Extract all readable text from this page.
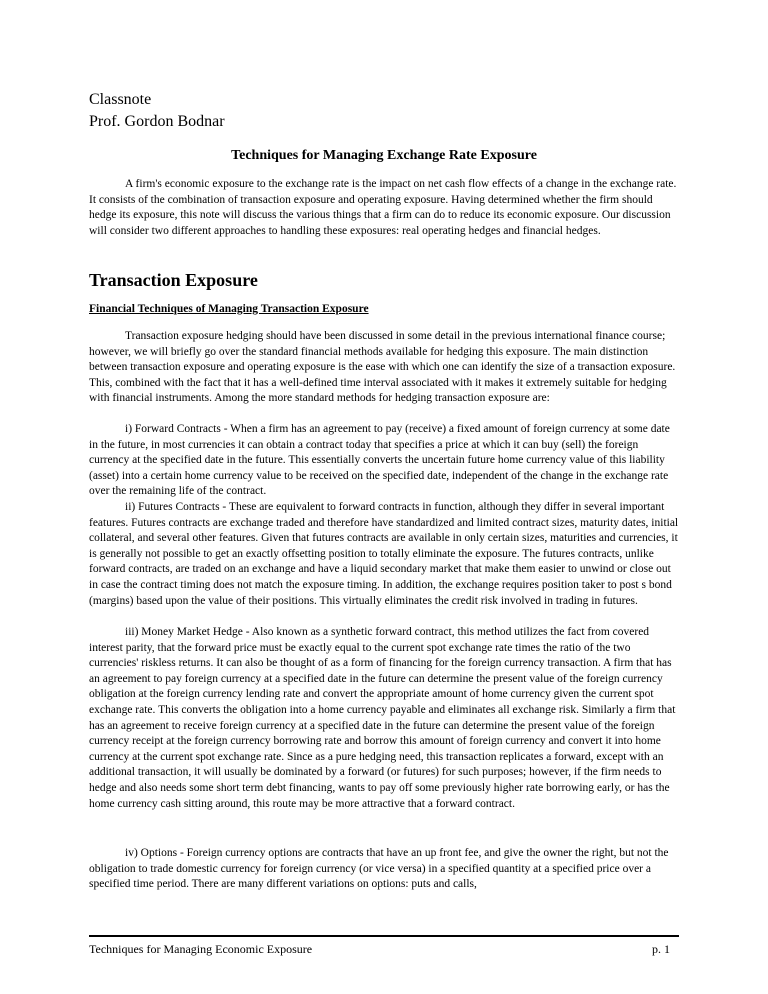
Classnote
Prof. Gordon Bodnar
Techniques for Managing Exchange Rate Exposure

A firm's economic exposure to the exchange rate is the impact on net cash flow effects of a change in the exchange rate. It consists of the combination of transaction exposure and operating exposure. Having determined whether the firm should hedge its exposure, this note will discuss the various things that a firm can do to reduce its economic exposure. Our discussion will consider two different approaches to handling these exposures: real operating hedges and financial hedges.

Transaction Exposure
Financial Techniques of Managing Transaction Exposure

Transaction exposure hedging should have been discussed in some detail in the previous international finance course; however, we will briefly go over the standard financial methods available for hedging this exposure. The main distinction between transaction exposure and operating exposure is the ease with which one can identify the size of a transaction exposure. This, combined with the fact that it has a well-defined time interval associated with it makes it extremely suitable for hedging with financial instruments. Among the more standard methods for hedging transaction exposure are:

i) Forward Contracts - When a firm has an agreement to pay (receive) a fixed amount of foreign currency at some date in the future, in most currencies it can obtain a contract today that specifies a price at which it can buy (sell) the foreign currency at the specified date in the future. This essentially converts the uncertain future home currency value of this liability (asset) into a certain home currency value to be received on the specified date, independent of the change in the exchange rate over the remaining life of the contract.

ii) Futures Contracts - These are equivalent to forward contracts in function, although they differ in several important features. Futures contracts are exchange traded and therefore have standardized and limited contract sizes, maturity dates, initial collateral, and several other features. Given that futures contracts are available in only certain sizes, maturities and currencies, it is generally not possible to get an exactly offsetting position to totally eliminate the exposure. The futures contracts, unlike forward contracts, are traded on an exchange and have a liquid secondary market that make them easier to unwind or close out in case the contract timing does not match the exposure timing. In addition, the exchange requires position taker to post s bond (margins) based upon the value of their positions. This virtually eliminates the credit risk involved in trading in futures.

iii) Money Market Hedge - Also known as a synthetic forward contract, this method utilizes the fact from covered interest parity, that the forward price must be exactly equal to the current spot exchange rate times the ratio of the two currencies' riskless returns. It can also be thought of as a form of financing for the foreign currency transaction. A firm that has an agreement to pay foreign currency at a specified date in the future can determine the present value of the foreign currency obligation at the foreign currency lending rate and convert the appropriate amount of home currency given the current spot exchange rate. This converts the obligation into a home currency payable and eliminates all exchange risk. Similarly a firm that has an agreement to receive foreign currency at a specified date in the future can determine the present value of the foreign currency receipt at the foreign currency borrowing rate and borrow this amount of foreign currency and convert it into home currency at the current spot exchange rate. Since as a pure hedging need, this transaction replicates a forward, except with an additional transaction, it will usually be dominated by a forward (or futures) for such purposes; however, if the firm needs to hedge and also needs some short term debt financing, wants to pay off some previously higher rate borrowing early, or has the home currency cash sitting around, this route may be more attractive that a forward contract.

iv) Options - Foreign currency options are contracts that have an up front fee, and give the owner the right, but not the obligation to trade domestic currency for foreign currency (or vice versa) in a specified quantity at a specified price over a specified time period. There are many different variations on options: puts and calls,

Techniques for Managing Economic Exposure	p. 1
